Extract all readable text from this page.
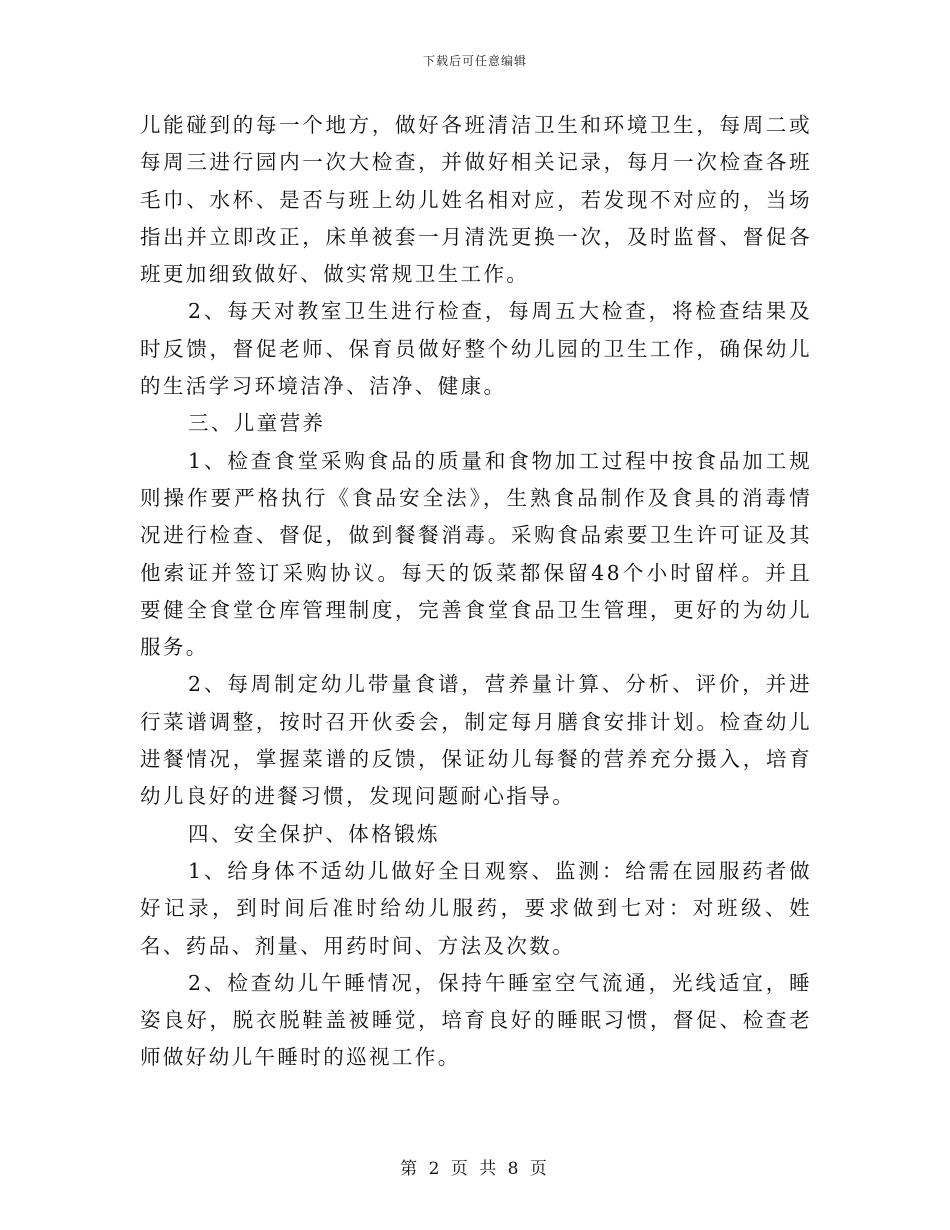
下载后可任意编辑

儿能碰到的每一个地方，做好各班清洁卫生和环境卫生，每周二或每周三进行园内一次大检查，并做好相关记录，每月一次检查各班毛巾、水杯、是否与班上幼儿姓名相对应，若发现不对应的，当场指出并立即改正，床单被套一月清洗更换一次，及时监督、督促各班更加细致做好、做实常规卫生工作。

2、每天对教室卫生进行检查，每周五大检查，将检查结果及时反馈，督促老师、保育员做好整个幼儿园的卫生工作，确保幼儿的生活学习环境洁净、洁净、健康。

三、儿童营养

1、检查食堂采购食品的质量和食物加工过程中按食品加工规则操作要严格执行《食品安全法》，生熟食品制作及食具的消毒情况进行检查、督促，做到餐餐消毒。采购食品索要卫生许可证及其他索证并签订采购协议。每天的饭菜都保留48个小时留样。并且要健全食堂仓库管理制度，完善食堂食品卫生管理，更好的为幼儿服务。

2、每周制定幼儿带量食谱，营养量计算、分析、评价，并进行菜谱调整，按时召开伙委会，制定每月膳食安排计划。检查幼儿进餐情况，掌握菜谱的反馈，保证幼儿每餐的营养充分摄入，培育幼儿良好的进餐习惯，发现问题耐心指导。

四、安全保护、体格锻炼

1、给身体不适幼儿做好全日观察、监测：给需在园服药者做好记录，到时间后准时给幼儿服药，要求做到七对：对班级、姓名、药品、剂量、用药时间、方法及次数。

2、检查幼儿午睡情况，保持午睡室空气流通，光线适宜，睡姿良好，脱衣脱鞋盖被睡觉，培育良好的睡眠习惯，督促、检查老师做好幼儿午睡时的巡视工作。

第 2 页 共 8 页
